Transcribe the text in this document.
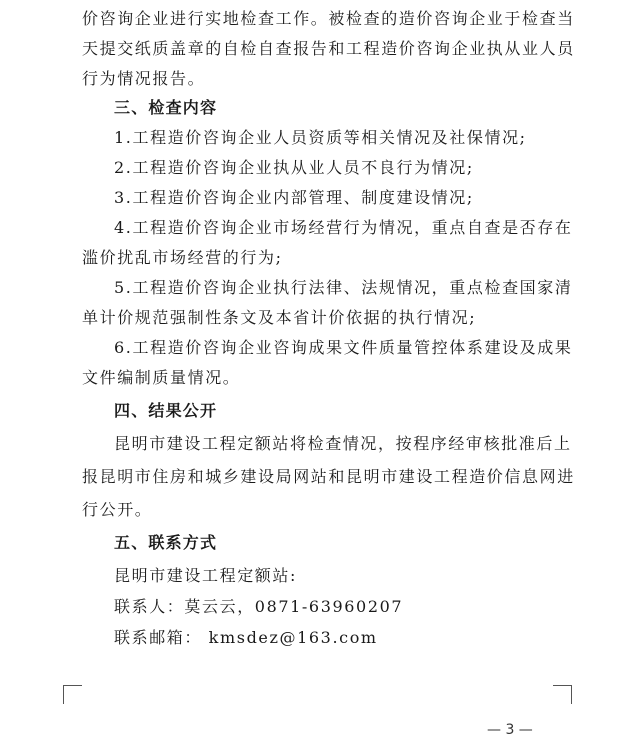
价咨询企业进行实地检查工作。被检查的造价咨询企业于检查当
天提交纸质盖章的自检自查报告和工程造价咨询企业执从业人员
行为情况报告。
三、检查内容
1.工程造价咨询企业人员资质等相关情况及社保情况;
2.工程造价咨询企业执从业人员不良行为情况;
3.工程造价咨询企业内部管理、制度建设情况;
4.工程造价咨询企业市场经营行为情况，重点自查是否存在
滥价扰乱市场经营的行为;
5.工程造价咨询企业执行法律、法规情况，重点检查国家清
单计价规范强制性条文及本省计价依据的执行情况;
6.工程造价咨询企业咨询成果文件质量管控体系建设及成果
文件编制质量情况。
四、结果公开
昆明市建设工程定额站将检查情况，按程序经审核批准后上
报昆明市住房和城乡建设局网站和昆明市建设工程造价信息网进
行公开。
五、联系方式
昆明市建设工程定额站:
联系人：莫云云，0871-63960207
联系邮箱： kmsdez@163.com
— 3 —
